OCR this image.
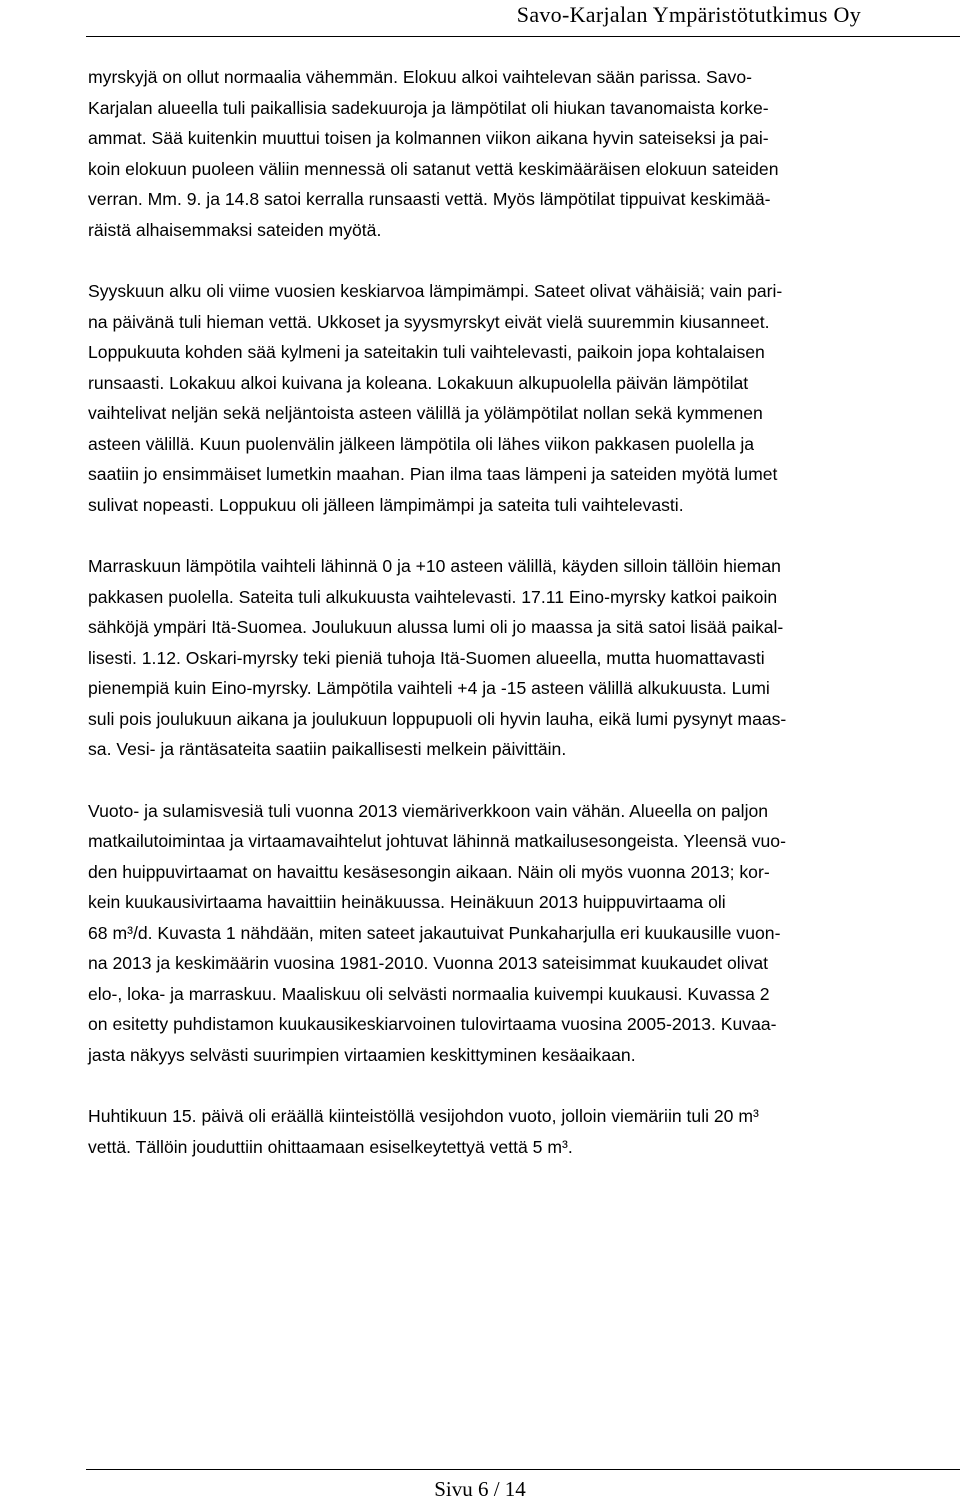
Savo-Karjalan Ympäristötutkimus Oy

myrskyjä on ollut normaalia vähemmän. Elokuu alkoi vaihtelevan sään parissa. Savo-
Karjalan alueella tuli paikallisia sadekuuroja ja lämpötilat oli hiukan tavanomaista korke-
ammat. Sää kuitenkin muuttui toisen ja kolmannen viikon aikana hyvin sateiseksi ja pai-
koin elokuun puoleen väliin mennessä oli satanut vettä keskimääräisen elokuun sateiden
verran. Mm. 9. ja 14.8 satoi kerralla runsaasti vettä. Myös lämpötilat tippuivat keskimää-
räistä alhaisemmaksi sateiden myötä.

Syyskuun alku oli viime vuosien keskiarvoa lämpimämpi. Sateet olivat vähäisiä; vain pari-
na päivänä tuli hieman vettä. Ukkoset ja syysmyrskyt eivät vielä suuremmin kiusanneet.
Loppukuuta kohden sää kylmeni ja sateitakin tuli vaihtelevasti, paikoin jopa kohtalaisen
runsaasti. Lokakuu alkoi kuivana ja koleana. Lokakuun alkupuolella päivän lämpötilat
vaihtelivat neljän sekä neljäntoista asteen välillä ja yölämpötilat nollan sekä kymmenen
asteen välillä. Kuun puolenvälin jälkeen lämpötila oli lähes viikon pakkasen puolella ja
saatiin jo ensimmäiset lumetkin maahan. Pian ilma taas lämpeni ja sateiden myötä lumet
sulivat nopeasti. Loppukuu oli jälleen lämpimämpi ja sateita tuli vaihtelevasti.

Marraskuun lämpötila vaihteli lähinnä 0 ja +10 asteen välillä, käyden silloin tällöin hieman
pakkasen puolella. Sateita tuli alkukuusta vaihtelevasti. 17.11 Eino-myrsky katkoi paikoin
sähköjä ympäri Itä-Suomea. Joulukuun alussa lumi oli jo maassa ja sitä satoi lisää paikal-
lisesti. 1.12. Oskari-myrsky teki pieniä tuhoja Itä-Suomen alueella, mutta huomattavasti
pienempiä kuin Eino-myrsky. Lämpötila vaihteli +4 ja -15 asteen välillä alkukuusta. Lumi
suli pois joulukuun aikana ja joulukuun loppupuoli oli hyvin lauha, eikä lumi pysynyt maas-
sa. Vesi- ja räntäsateita saatiin paikallisesti melkein päivittäin.

Vuoto- ja sulamisvesiä tuli vuonna 2013 viemäriverkkoon vain vähän. Alueella on paljon
matkailutoimintaa ja virtaamavaihtelut johtuvat lähinnä matkailusesongeista. Yleensä vuo-
den huippuvirtaamat on havaittu kesäsesongin aikaan. Näin oli myös vuonna 2013; kor-
kein kuukausivirtaama havaittiin heinäkuussa. Heinäkuun 2013 huippuvirtaama oli
68 m³/d. Kuvasta 1 nähdään, miten sateet jakautuivat Punkaharjulla eri kuukausille vuon-
na 2013 ja keskimäärin vuosina 1981-2010. Vuonna 2013 sateisimmat kuukaudet olivat
elo-, loka- ja marraskuu. Maaliskuu oli selvästi normaalia kuivempi kuukausi. Kuvassa 2
on esitetty puhdistamon kuukausikeskiarvoinen tulovirtaama vuosina 2005-2013. Kuvaa-
jasta näkyys selvästi suurimpien virtaamien keskittyminen kesäaikaan.

Huhtikuun 15. päivä oli eräällä kiinteistöllä vesijohdon vuoto, jolloin viemäriin tuli 20 m³
vettä. Tällöin jouduttiin ohittaamaan esiselkeytettyä vettä 5 m³.

Sivu 6 / 14
